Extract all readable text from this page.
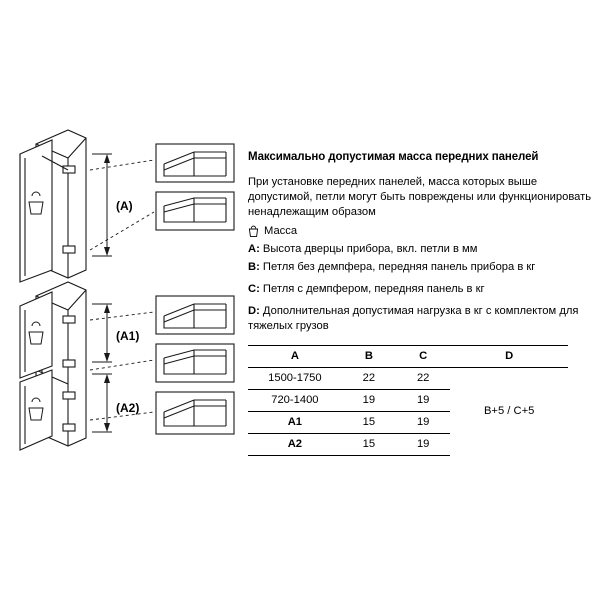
(A)
(A1)
(A2)
Максимально допустимая масса передних панелей

При установке передних панелей, масса которых выше допустимой, петли могут быть повреждены или функционировать ненадлежащим образом

Масса

A: Высота дверцы прибора, вкл. петли в мм

B: Петля без демпфера, передняя панель прибора в кг

C: Петля с демпфером, передняя панель в кг

D: Дополнительная допустимая нагрузка в кг с комплектом для тяжелых грузов

A	B	C	D
1500-1750	22	22	B+5 / C+5
720-1400	19	19	
A1	15	19	
A2	15	19	
